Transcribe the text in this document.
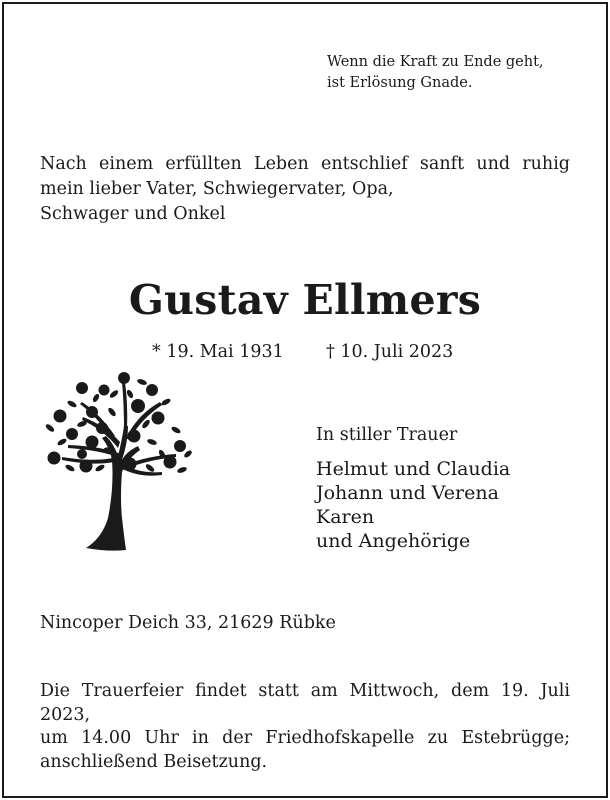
Wenn die Kraft zu Ende geht,
ist Erlösung Gnade.
Nach einem erfüllten Leben entschlief sanft und ruhig
mein lieber Vater, Schwiegervater, Opa,
Schwager und Onkel
Gustav Ellmers
* 19. Mai 1931 † 10. Juli 2023
In stiller Trauer
Helmut und Claudia
Johann und Verena
Karen
und Angehörige
Nincoper Deich 33, 21629 Rübke
Die Trauerfeier findet statt am Mittwoch, dem 19. Juli 2023,
um 14.00 Uhr in der Friedhofskapelle zu Estebrügge;
anschließend Beisetzung.
